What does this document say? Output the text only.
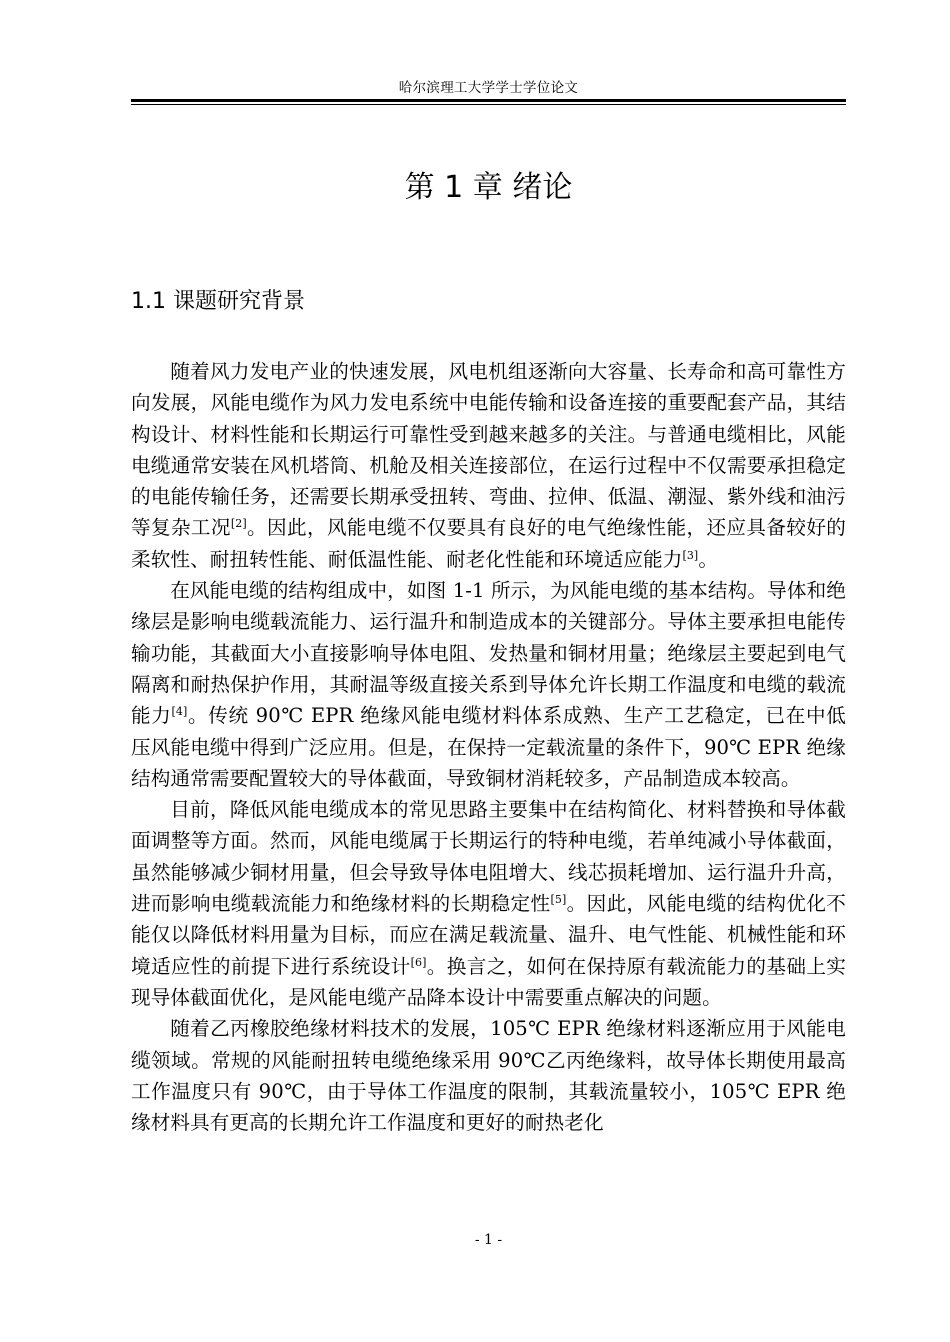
哈尔滨理工大学学士学位论文
第 1 章 绪论
1.1 课题研究背景

随着风力发电产业的快速发展，风电机组逐渐向大容量、长寿命和高可靠性方向发展，风能电缆作为风力发电系统中电能传输和设备连接的重要配套产品，其结构设计、材料性能和长期运行可靠性受到越来越多的关注。与普通电缆相比，风能电缆通常安装在风机塔筒、机舱及相关连接部位，在运行过程中不仅需要承担稳定的电能传输任务，还需要长期承受扭转、弯曲、拉伸、低温、潮湿、紫外线和油污等复杂工况[2]。因此，风能电缆不仅要具有良好的电气绝缘性能，还应具备较好的柔软性、耐扭转性能、耐低温性能、耐老化性能和环境适应能力[3]。

在风能电缆的结构组成中，如图 1-1 所示，为风能电缆的基本结构。导体和绝缘层是影响电缆载流能力、运行温升和制造成本的关键部分。导体主要承担电能传输功能，其截面大小直接影响导体电阻、发热量和铜材用量；绝缘层主要起到电气隔离和耐热保护作用，其耐温等级直接关系到导体允许长期工作温度和电缆的载流能力[4]。传统 90℃ EPR 绝缘风能电缆材料体系成熟、生产工艺稳定，已在中低压风能电缆中得到广泛应用。但是，在保持一定载流量的条件下，90℃ EPR 绝缘结构通常需要配置较大的导体截面，导致铜材消耗较多，产品制造成本较高。

目前，降低风能电缆成本的常见思路主要集中在结构简化、材料替换和导体截面调整等方面。然而，风能电缆属于长期运行的特种电缆，若单纯减小导体截面，虽然能够减少铜材用量，但会导致导体电阻增大、线芯损耗增加、运行温升升高，进而影响电缆载流能力和绝缘材料的长期稳定性[5]。因此，风能电缆的结构优化不能仅以降低材料用量为目标，而应在满足载流量、温升、电气性能、机械性能和环境适应性的前提下进行系统设计[6]。换言之，如何在保持原有载流能力的基础上实现导体截面优化，是风能电缆产品降本设计中需要重点解决的问题。

随着乙丙橡胶绝缘材料技术的发展，105℃ EPR 绝缘材料逐渐应用于风能电缆领域。常规的风能耐扭转电缆绝缘采用 90℃乙丙绝缘料，故导体长期使用最高工作温度只有 90℃，由于导体工作温度的限制，其载流量较小，105℃ EPR 绝缘材料具有更高的长期允许工作温度和更好的耐热老化

- 1 -
